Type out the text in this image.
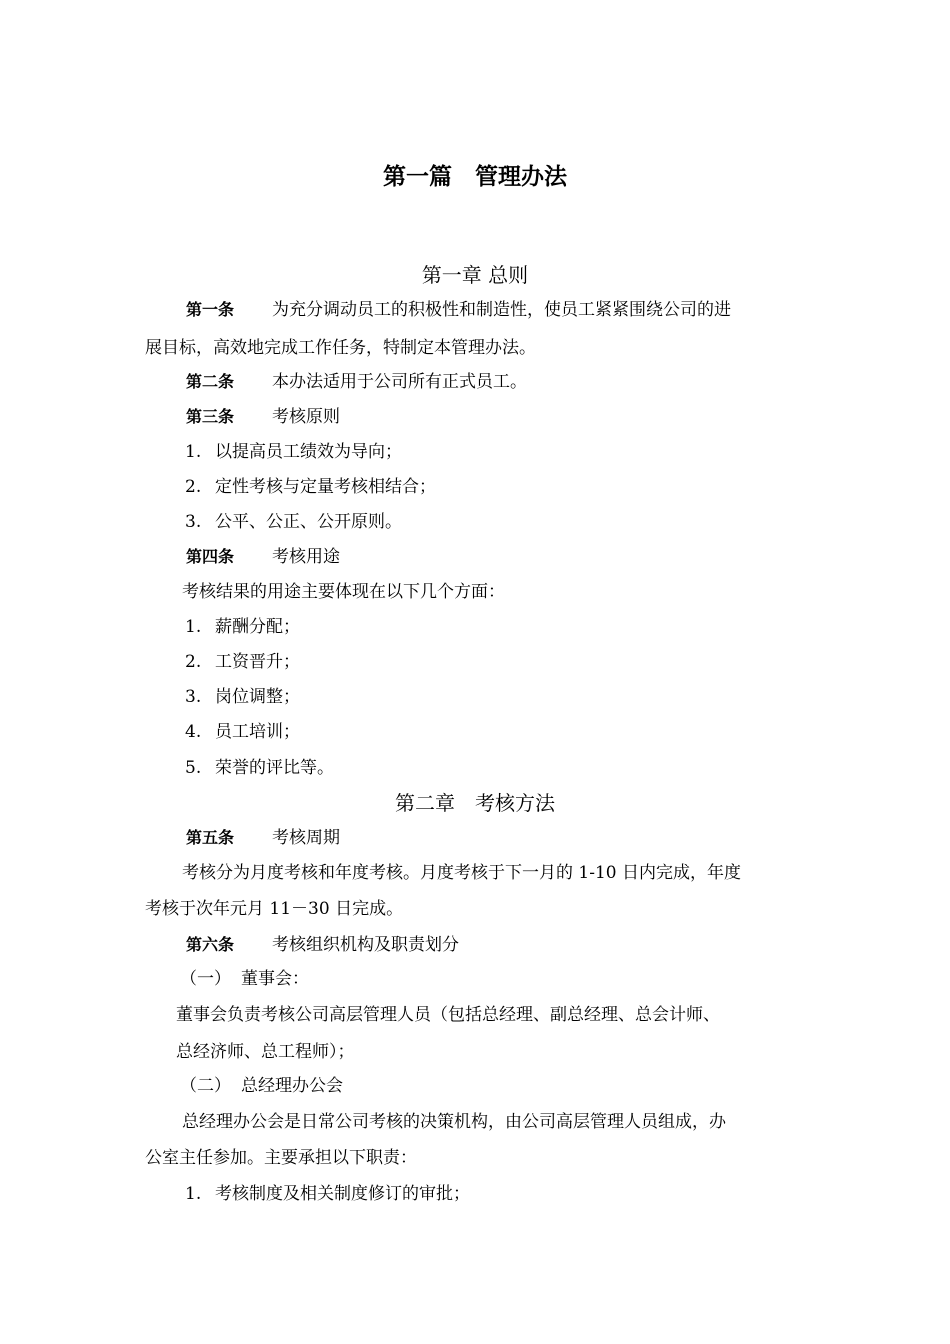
第一篇　管理办法
第一章 总则
第一条 为充分调动员工的积极性和制造性，使员工紧紧围绕公司的进
展目标，高效地完成工作任务，特制定本管理办法。
第二条 本办法适用于公司所有正式员工。
第三条 考核原则
1. 以提高员工绩效为导向；
2. 定性考核与定量考核相结合；
3. 公平、公正、公开原则。
第四条 考核用途
考核结果的用途主要体现在以下几个方面：
1. 薪酬分配；
2. 工资晋升；
3. 岗位调整；
4. 员工培训；
5. 荣誉的评比等。
第二章　考核方法
第五条 考核周期
考核分为月度考核和年度考核。月度考核于下一月的 1-10 日内完成，年度
考核于次年元月 11－30 日完成。
第六条 考核组织机构及职责划分
（一） 董事会：
董事会负责考核公司高层管理人员（包括总经理、副总经理、总会计师、
总经济师、总工程师）；
（二） 总经理办公会
总经理办公会是日常公司考核的决策机构，由公司高层管理人员组成，办
公室主任参加。主要承担以下职责：
1. 考核制度及相关制度修订的审批；
